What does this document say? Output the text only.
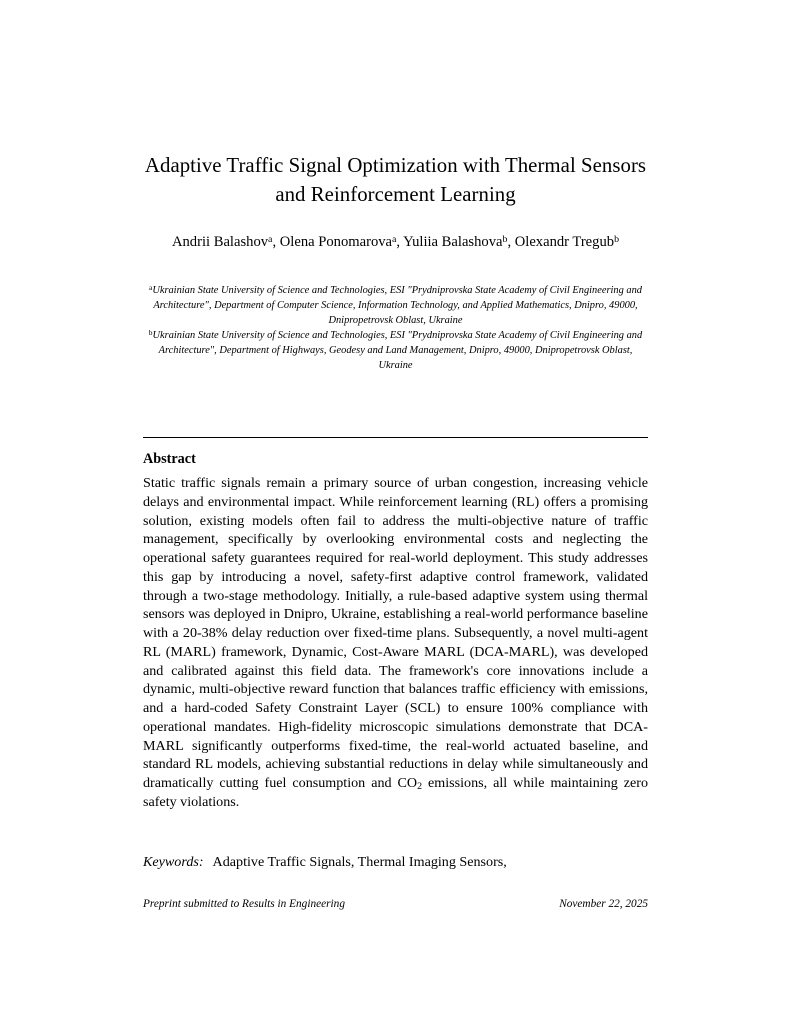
Adaptive Traffic Signal Optimization with Thermal Sensors and Reinforcement Learning
Andrii Balashov$^a$, Olena Ponomarova$^a$, Yuliia Balashova$^b$, Olexandr Tregub$^b$
$^a$Ukrainian State University of Science and Technologies, ESI "Prydniprovska State Academy of Civil Engineering and Architecture", Department of Computer Science, Information Technology, and Applied Mathematics, Dnipro, 49000, Dnipropetrovsk Oblast, Ukraine
$^b$Ukrainian State University of Science and Technologies, ESI "Prydniprovska State Academy of Civil Engineering and Architecture", Department of Highways, Geodesy and Land Management, Dnipro, 49000, Dnipropetrovsk Oblast, Ukraine
Abstract

Static traffic signals remain a primary source of urban congestion, increasing vehicle delays and environmental impact. While reinforcement learning (RL) offers a promising solution, existing models often fail to address the multi-objective nature of traffic management, specifically by overlooking environmental costs and neglecting the operational safety guarantees required for real-world deployment. This study addresses this gap by introducing a novel, safety-first adaptive control framework, validated through a two-stage methodology. Initially, a rule-based adaptive system using thermal sensors was deployed in Dnipro, Ukraine, establishing a real-world performance baseline with a 20-38% delay reduction over fixed-time plans. Subsequently, a novel multi-agent RL (MARL) framework, Dynamic, Cost-Aware MARL (DCA-MARL), was developed and calibrated against this field data. The framework's core innovations include a dynamic, multi-objective reward function that balances traffic efficiency with emissions, and a hard-coded Safety Constraint Layer (SCL) to ensure 100% compliance with operational mandates. High-fidelity microscopic simulations demonstrate that DCA-MARL significantly outperforms fixed-time, the real-world actuated baseline, and standard RL models, achieving substantial reductions in delay while simultaneously and dramatically cutting fuel consumption and $CO_2$ emissions, all while maintaining zero safety violations.

Keywords: Adaptive Traffic Signals, Thermal Imaging Sensors,

Preprint submitted to Results in Engineering	November 22, 2025
